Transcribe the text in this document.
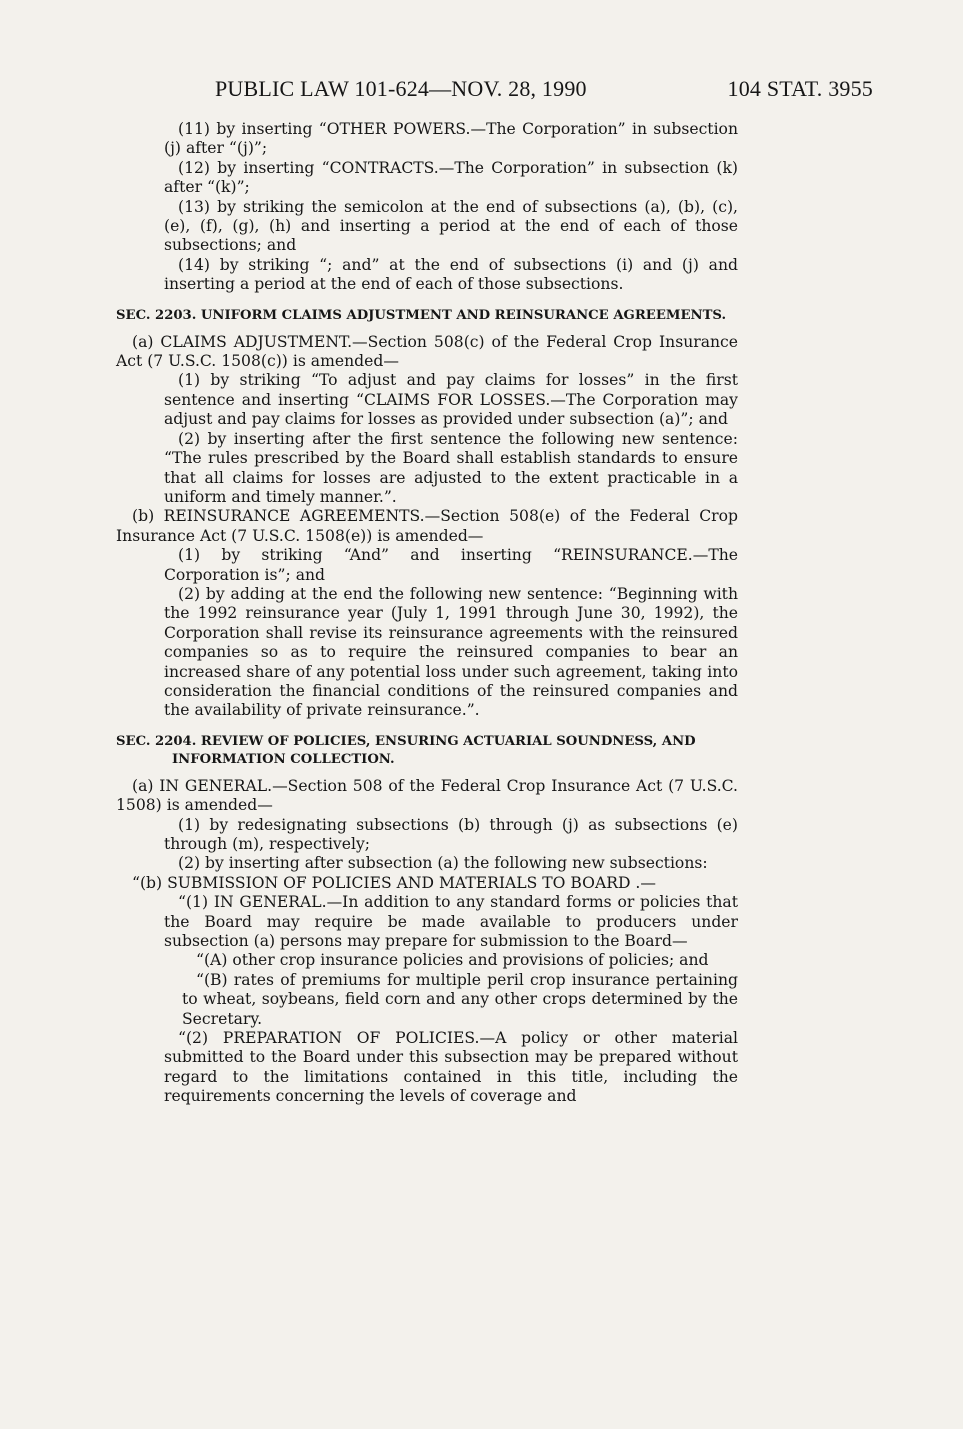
PUBLIC LAW 101-624—NOV. 28, 1990	104 STAT. 3955

(11) by inserting “OTHER POWERS.—The Corporation” in subsection (j) after “(j)”;

(12) by inserting “CONTRACTS.—The Corporation” in subsection (k) after “(k)”;

(13) by striking the semicolon at the end of subsections (a), (b), (c), (e), (f), (g), (h) and inserting a period at the end of each of those subsections; and

(14) by striking “; and” at the end of subsections (i) and (j) and inserting a period at the end of each of those subsections.

SEC. 2203. UNIFORM CLAIMS ADJUSTMENT AND REINSURANCE AGREEMENTS.

(a) CLAIMS ADJUSTMENT.—Section 508(c) of the Federal Crop Insurance Act (7 U.S.C. 1508(c)) is amended—

(1) by striking “To adjust and pay claims for losses” in the first sentence and inserting “CLAIMS FOR LOSSES.—The Corporation may adjust and pay claims for losses as provided under subsection (a)”; and

(2) by inserting after the first sentence the following new sentence: “The rules prescribed by the Board shall establish standards to ensure that all claims for losses are adjusted to the extent practicable in a uniform and timely manner.”.

(b) REINSURANCE AGREEMENTS.—Section 508(e) of the Federal Crop Insurance Act (7 U.S.C. 1508(e)) is amended—

(1) by striking “And” and inserting “REINSURANCE.—The Corporation is”; and

(2) by adding at the end the following new sentence: “Beginning with the 1992 reinsurance year (July 1, 1991 through June 30, 1992), the Corporation shall revise its reinsurance agreements with the reinsured companies so as to require the reinsured companies to bear an increased share of any potential loss under such agreement, taking into consideration the financial conditions of the reinsured companies and the availability of private reinsurance.”.

SEC. 2204. REVIEW OF POLICIES, ENSURING ACTUARIAL SOUNDNESS, AND INFORMATION COLLECTION.

(a) IN GENERAL.—Section 508 of the Federal Crop Insurance Act (7 U.S.C. 1508) is amended—

(1) by redesignating subsections (b) through (j) as subsections (e) through (m), respectively;

(2) by inserting after subsection (a) the following new subsections:

“(b) SUBMISSION OF POLICIES AND MATERIALS TO BOARD .—

“(1) IN GENERAL.—In addition to any standard forms or policies that the Board may require be made available to producers under subsection (a) persons may prepare for submission to the Board—

“(A) other crop insurance policies and provisions of policies; and

“(B) rates of premiums for multiple peril crop insurance pertaining to wheat, soybeans, field corn and any other crops determined by the Secretary.

“(2) PREPARATION OF POLICIES.—A policy or other material submitted to the Board under this subsection may be prepared without regard to the limitations contained in this title, including the requirements concerning the levels of coverage and
